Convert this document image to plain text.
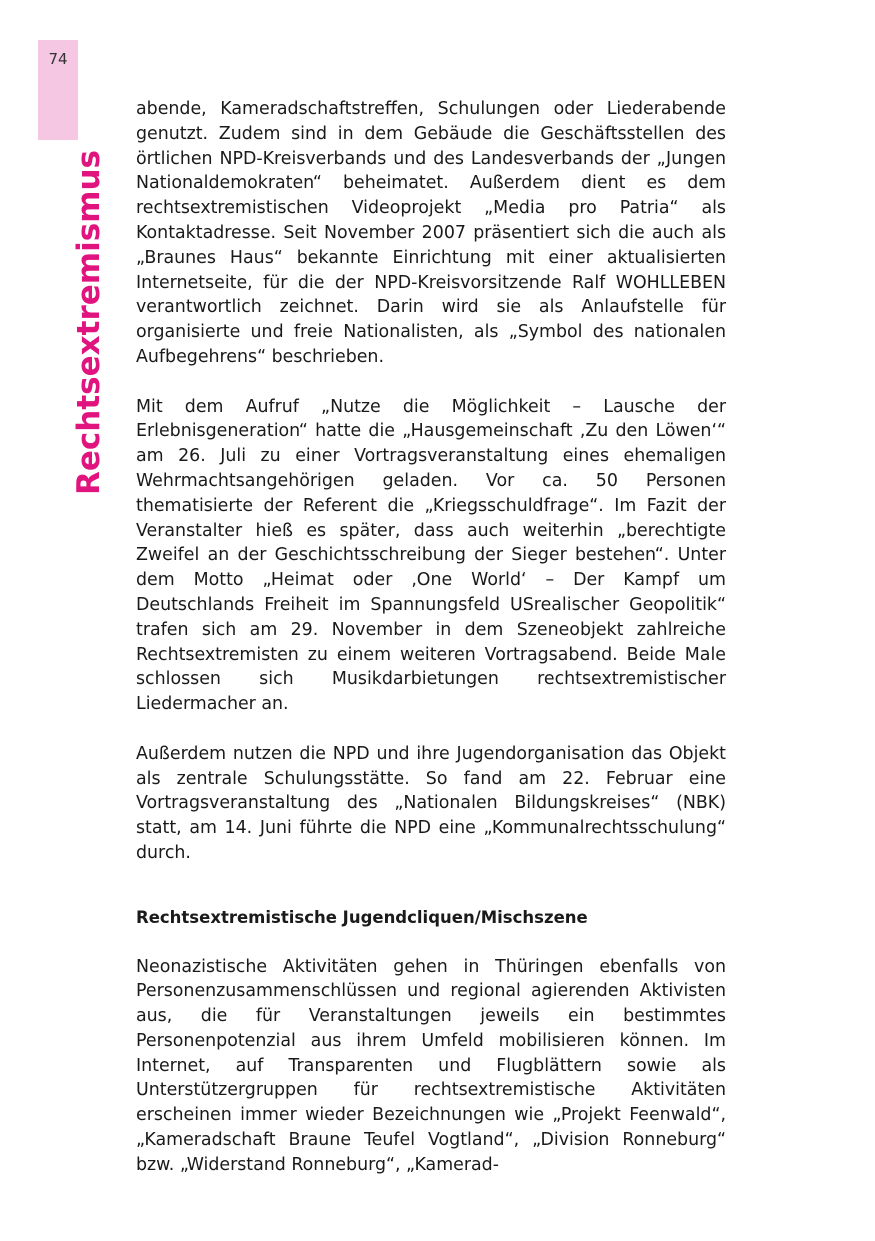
74
Rechtsextremismus

abende, Kameradschaftstreffen, Schulungen oder Liederabende genutzt. Zudem sind in dem Gebäude die Geschäftsstellen des örtlichen NPD-Kreisverbands und des Landesverbands der „Jungen Nationaldemokraten“ beheimatet. Außerdem dient es dem rechtsextremistischen Videoprojekt „Media pro Patria“ als Kontaktadresse. Seit November 2007 präsentiert sich die auch als „Braunes Haus“ bekannte Einrichtung mit einer aktualisierten Internetseite, für die der NPD-Kreisvorsitzende Ralf WOHLLEBEN verantwortlich zeichnet. Darin wird sie als Anlaufstelle für organisierte und freie Nationalisten, als „Symbol des nationalen Aufbegehrens“ beschrieben.

Mit dem Aufruf „Nutze die Möglichkeit – Lausche der Erlebnisgeneration“ hatte die „Hausgemeinschaft ‚Zu den Löwen‘“ am 26. Juli zu einer Vortragsveranstaltung eines ehemaligen Wehrmachtsangehörigen geladen. Vor ca. 50 Personen thematisierte der Referent die „Kriegsschuldfrage“. Im Fazit der Veranstalter hieß es später, dass auch weiterhin „berechtigte Zweifel an der Geschichtsschreibung der Sieger bestehen“. Unter dem Motto „Heimat oder ‚One World‘ – Der Kampf um Deutschlands Freiheit im Spannungsfeld USrealischer Geopolitik“ trafen sich am 29. November in dem Szeneobjekt zahlreiche Rechtsextremisten zu einem weiteren Vortragsabend. Beide Male schlossen sich Musikdarbietungen rechtsextremistischer Liedermacher an.

Außerdem nutzen die NPD und ihre Jugendorganisation das Objekt als zentrale Schulungsstätte. So fand am 22. Februar eine Vortragsveranstaltung des „Nationalen Bildungskreises“ (NBK) statt, am 14. Juni führte die NPD eine „Kommunalrechtsschulung“ durch.

Rechtsextremistische Jugendcliquen/Mischszene

Neonazistische Aktivitäten gehen in Thüringen ebenfalls von Personenzusammenschlüssen und regional agierenden Aktivisten aus, die für Veranstaltungen jeweils ein bestimmtes Personenpotenzial aus ihrem Umfeld mobilisieren können. Im Internet, auf Transparenten und Flugblättern sowie als Unterstützergruppen für rechtsextremistische Aktivitäten erscheinen immer wieder Bezeichnungen wie „Projekt Feenwald“, „Kameradschaft Braune Teufel Vogtland“, „Division Ronneburg“ bzw. „Widerstand Ronneburg“, „Kamerad-
